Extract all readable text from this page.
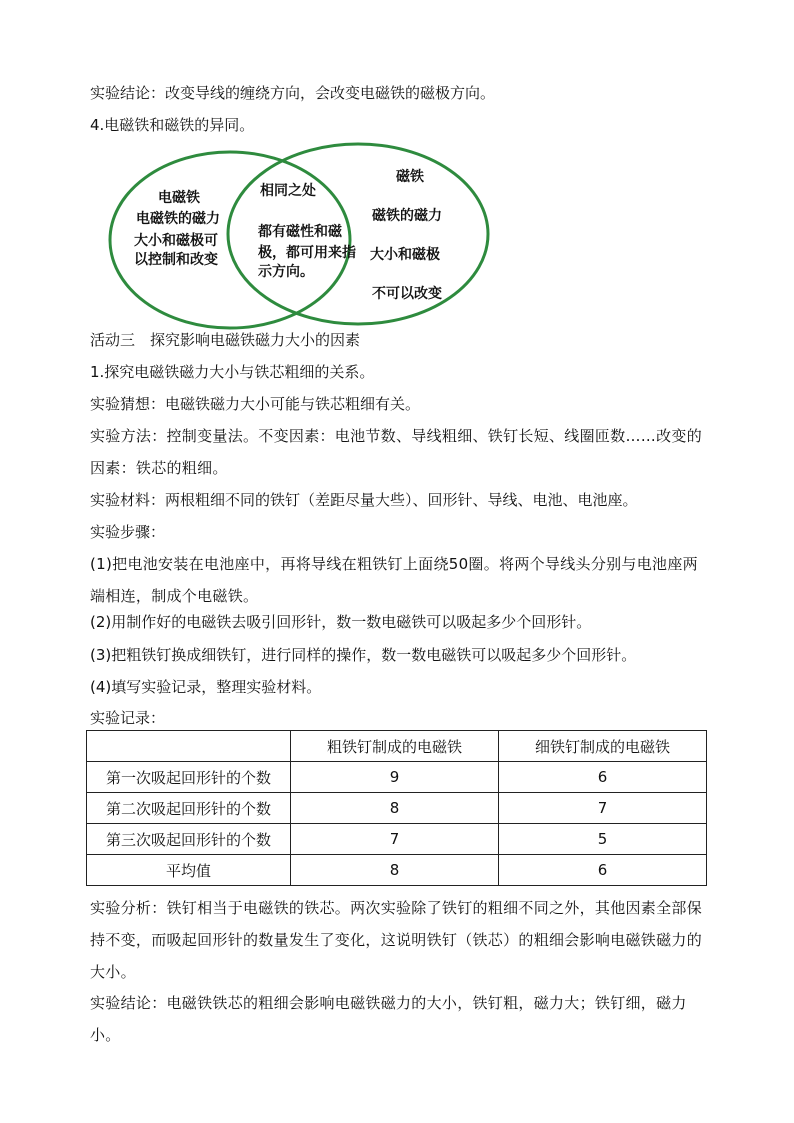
实验结论：改变导线的缠绕方向，会改变电磁铁的磁极方向。
4.电磁铁和磁铁的异同。
电磁铁
电磁铁的磁力
大小和磁极可
以控制和改变
相同之处
都有磁性和磁
极，都可用来指
示方向。
磁铁
磁铁的磁力
大小和磁极
不可以改变
活动三　探究影响电磁铁磁力大小的因素
1.探究电磁铁磁力大小与铁芯粗细的关系。
实验猜想：电磁铁磁力大小可能与铁芯粗细有关。
实验方法：控制变量法。不变因素：电池节数、导线粗细、铁钉长短、线圈匝数……改变的因素：铁芯的粗细。
实验材料：两根粗细不同的铁钉（差距尽量大些）、回形针、导线、电池、电池座。
实验步骤：
(1)把电池安装在电池座中，再将导线在粗铁钉上面绕50圈。将两个导线头分别与电池座两端相连，制成个电磁铁。
(2)用制作好的电磁铁去吸引回形针，数一数电磁铁可以吸起多少个回形针。
(3)把粗铁钉换成细铁钉，进行同样的操作，数一数电磁铁可以吸起多少个回形针。
(4)填写实验记录，整理实验材料。
实验记录：
	粗铁钉制成的电磁铁	细铁钉制成的电磁铁
第一次吸起回形针的个数	9	6
第二次吸起回形针的个数	8	7
第三次吸起回形针的个数	7	5
平均值	8	6
实验分析：铁钉相当于电磁铁的铁芯。两次实验除了铁钉的粗细不同之外，其他因素全部保持不变，而吸起回形针的数量发生了变化，这说明铁钉（铁芯）的粗细会影响电磁铁磁力的大小。
实验结论：电磁铁铁芯的粗细会影响电磁铁磁力的大小，铁钉粗，磁力大；铁钉细，磁力小。
